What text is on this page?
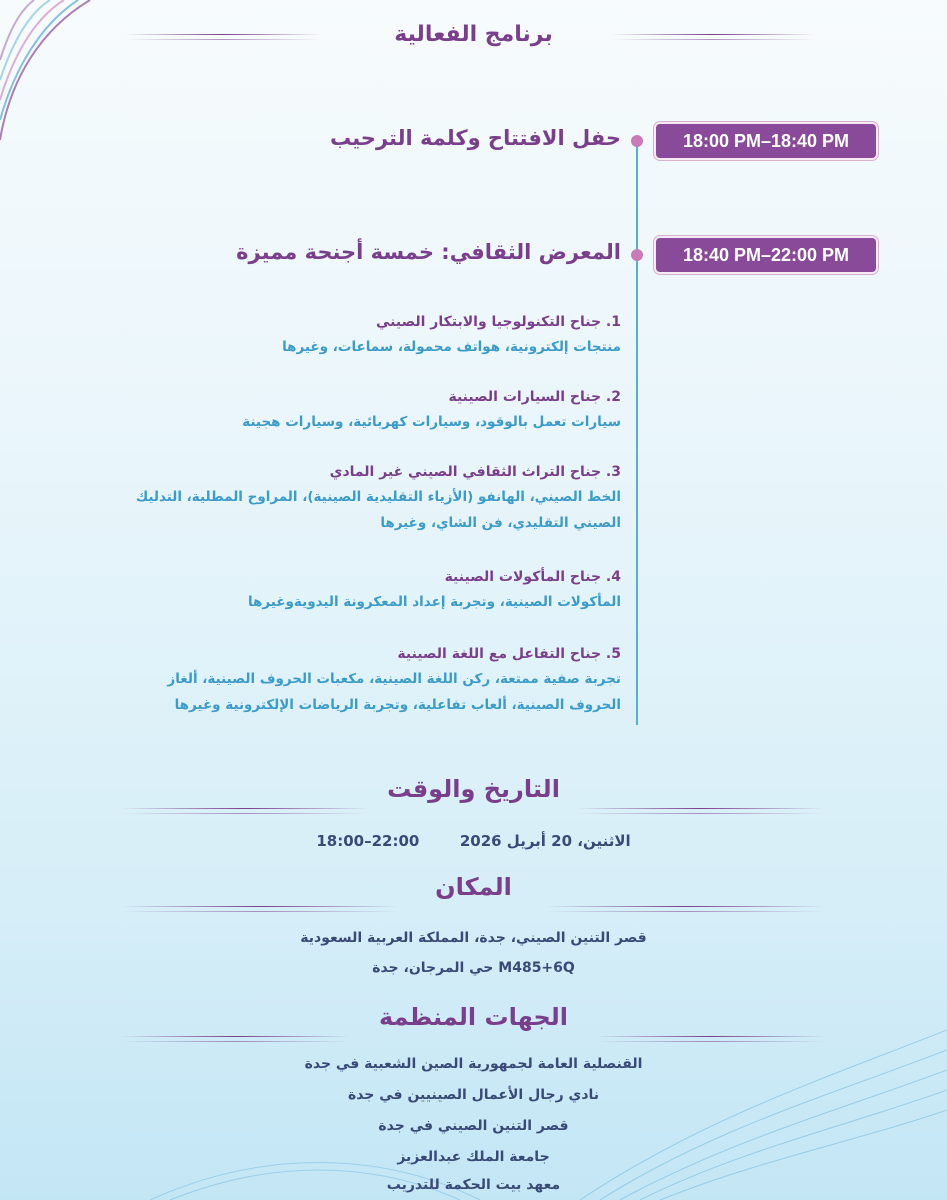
برنامج الفعالية
18:00 PM–18:40 PM
حفل الافتتاح وكلمة الترحيب
18:40 PM–22:00 PM
المعرض الثقافي: خمسة أجنحة مميزة
1. جناح التكنولوجيا والابتكار الصيني
منتجات إلكترونية، هواتف محمولة، سماعات، وغيرها
2. جناح السيارات الصينية
سيارات تعمل بالوقود، وسيارات كهربائية، وسيارات هجينة
3. جناح التراث الثقافي الصيني غير المادي
الخط الصيني، الهانفو (الأزياء التقليدية الصينية)، المراوح المطلية، التدليك
الصيني التقليدي، فن الشاي، وغيرها
4. جناح المأكولات الصينية
المأكولات الصينية، وتجربة إعداد المعكرونة اليدويةوغيرها
5. جناح التفاعل مع اللغة الصينية
تجربة صفية ممتعة، ركن اللغة الصينية، مكعبات الحروف الصينية، ألغاز
الحروف الصينية، ألعاب تفاعلية، وتجربة الرياضات الإلكترونية وغيرها
التاريخ والوقت
الاثنين، 20 أبريل 2026  22:00–18:00
المكان
قصر التنين الصيني، جدة، المملكة العربية السعودية
M485+6Q حي المرجان، جدة
الجهات المنظمة
القنصلية العامة لجمهورية الصين الشعبية في جدة
نادي رجال الأعمال الصينيين في جدة
قصر التنين الصيني في جدة
جامعة الملك عبدالعزيز
معهد بيت الحكمة للتدريب
